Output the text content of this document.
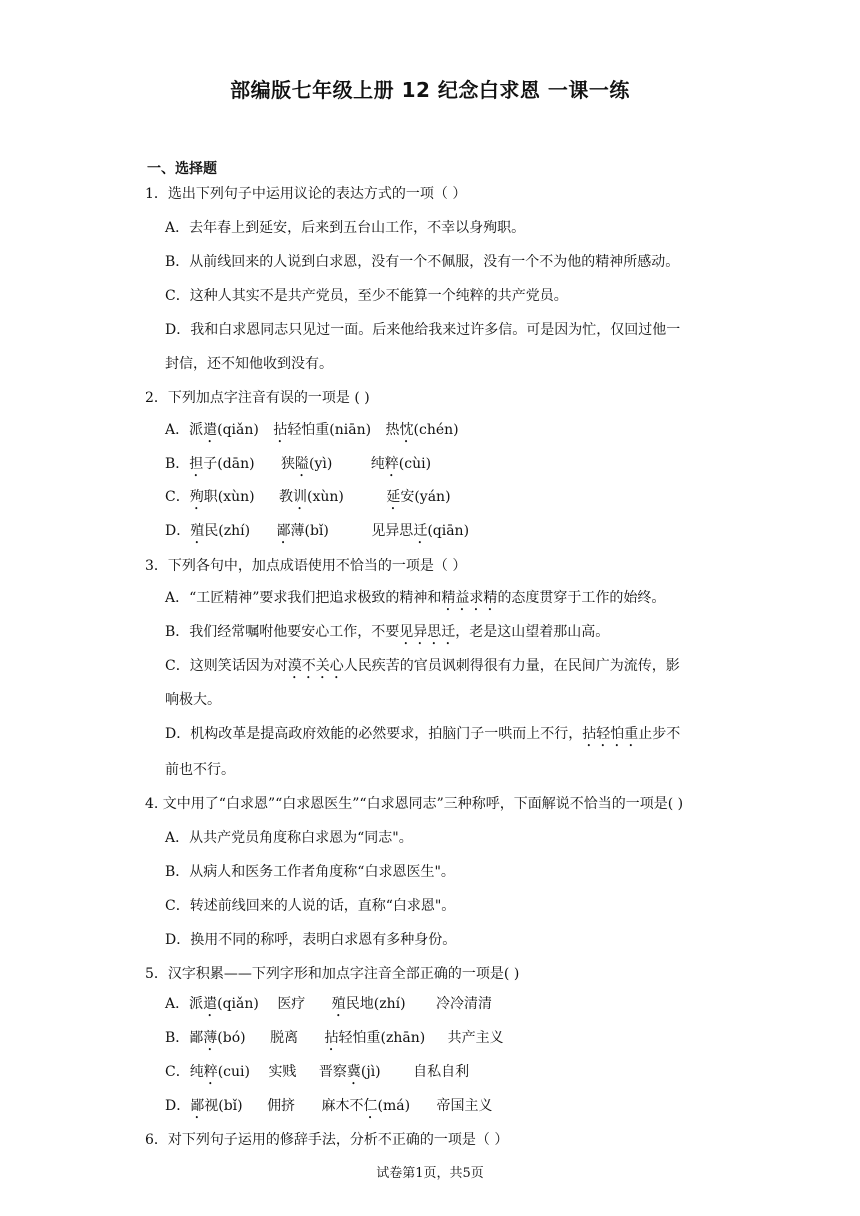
部编版七年级上册 12 纪念白求恩 一课一练
一、选择题
1．选出下列句子中运用议论的表达方式的一项（ ）
A．去年春上到延安，后来到五台山工作，不幸以身殉职。
B．从前线回来的人说到白求恩，没有一个不佩服，没有一个不为他的精神所感动。
C．这种人其实不是共产党员，至少不能算一个纯粹的共产党员。
D．我和白求恩同志只见过一面。后来他给我来过许多信。可是因为忙，仅回过他一
封信，还不知他收到没有。
2．下列加点字注音有误的一项是 ( )
A．派遣(qiǎn) 拈轻怕重(niān) 热忱(chén)
B．担子(dān) 狭隘(yì)	纯粹(cùi)
C．殉职(xùn) 教训(xùn)	延安(yán)
D．殖民(zhí) 鄙薄(bǐ)	见异思迁(qiān)
3．下列各句中，加点成语使用不恰当的一项是（ ）
A．“工匠精神”要求我们把追求极致的精神和精益求精的态度贯穿于工作的始终。
B．我们经常嘱咐他要安心工作，不要见异思迁，老是这山望着那山高。
C．这则笑话因为对漠不关心人民疾苦的官员讽刺得很有力量，在民间广为流传，影
响极大。
D．机构改革是提高政府效能的必然要求，拍脑门子一哄而上不行，拈轻怕重止步不
前也不行。
4. 文中用了“白求恩”“白求恩医生”“白求恩同志”三种称呼，下面解说不恰当的一项是( )
A．从共产党员角度称白求恩为“同志"。
B．从病人和医务工作者角度称“白求恩医生"。
C．转述前线回来的人说的话，直称“白求恩"。
D．换用不同的称呼，表明白求恩有多种身份。
5．汉字积累——下列字形和加点字注音全部正确的一项是( )
A．派遣(qiǎn) 医疗 殖民地(zhí) 冷冷清清
B．鄙薄(bó) 脱离 拈轻怕重(zhān) 共产主义
C．纯粹(cui) 实贱 晋察冀(jì) 自私自利
D．鄙视(bǐ) 佣挤 麻木不仁(má) 帝国主义
6．对下列句子运用的修辞手法，分析不正确的一项是（ ）
试卷第1页，共5页
